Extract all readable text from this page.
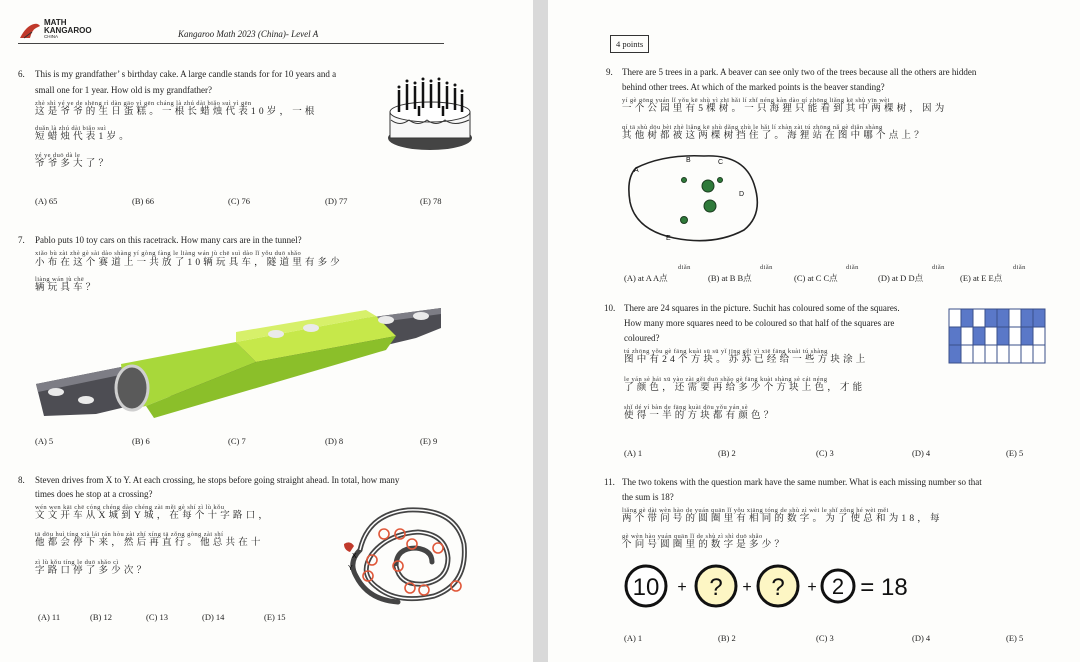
MATH
KANGAROO
CHINA	Kangaroo Math 2023 (China)- Level A
6. This is my grandfather’ s birthday cake. A large candle stands for for 10 years and a
small one for 1 year. How old is my grandfather?
zhè shì yé ye de shēng rì dàn gāo yì gēn cháng là zhú dài biǎo suì yì gēn
这是爷爷的生日蛋糕。一根长蜡烛代表10岁，一根
duǎn là zhú dài biǎo suì
短蜡烛代表1岁。
yé ye duō dà le
爷爷多大了？
(A) 65	(B) 66	(C) 76	(D) 77	(E) 78
7. Pablo puts 10 toy cars on this racetrack. How many cars are in the tunnel?
xiǎo bù zài zhè gè sài dào shàng yí gòng fàng le liàng wán jù chē suì dào lǐ yǒu duō shǎo
小布在这个赛道上一共放了10辆玩具车，隧道里有多少
liàng wán jù chē
辆玩具车？
(A) 5	(B) 6	(C) 7	(D) 8	(E) 9
8. Steven drives from X to Y. At each crossing, he stops before going straight ahead. In total, how many
times does he stop at a crossing?
wén wen kāi chē cóng chéng dào chéng zài měi gè shí zì lù kǒu
文文开车从X城到Y城，在每个十字路口，
tā dōu huì tíng xià lái rán hòu zài zhí xíng tā zǒng gòng zài shí
他都会停下来，然后再直行。他总共在十
zì lù kǒu tíng le duō shǎo cì
字路口停了多少次？
X
Y
(A) 11	(B) 12	(C) 13	(D) 14	(E) 15
4 points
9. There are 5 trees in a park. A beaver can see only two of the trees because all the others are hidden
behind other trees. At which of the marked points is the beaver standing?
yí gè gōng yuán lǐ yǒu kē shù yì zhī hǎi lí zhǐ néng kàn dào qí zhōng liǎng kē shù yīn wèi
一个公园里有5棵树。一只海狸只能看到其中两棵树，因为
qí tā shù dōu bèi zhè liǎng kē shù dǎng zhù le hǎi lí zhàn zài tú zhōng nǎ gè diǎn shàng
其他树都被这两棵树挡住了。海狸站在图中哪个点上？
A
B	C
D
E
diǎn	diǎn	diǎn	diǎn	diǎn
(A) at A A点	(B) at B B点	(C) at C C点	(D) at D D点	(E) at E E点
10. There are 24 squares in the picture. Suchit has coloured some of the squares.
How many more squares need to be coloured so that half of the squares are
coloured?
tú zhōng yǒu gè fāng kuài sū sū yǐ jīng gěi yì xiē fāng kuài tú shàng
图中有24个方块。苏苏已经给一些方块涂上
le yán sè hái xū yào zài gěi duō shǎo gè fāng kuài shàng sè cái néng
了颜色，还需要再给多少个方块上色，才能
shǐ dé yí bàn de fāng kuài dōu yǒu yán sè
使得一半的方块都有颜色？
(A) 1	(B) 2	(C) 3	(D) 4	(E) 5
11. The two tokens with the question mark have the same number. What is each missing number so that
the sum is 18?
liǎng gè dài wèn hào de yuán quān lǐ yǒu xiāng tóng de shù zì wèi le shǐ zǒng hé wèi měi
两个带问号的圆圈里有相同的数字。为了使总和为18，每
gè wèn hào yuán quān lǐ de shù zì shì duō shǎo
个问号圆圈里的数字是多少？
10 + ? + ? + 2 = 18
(A) 1	(B) 2	(C) 3	(D) 4	(E) 5
